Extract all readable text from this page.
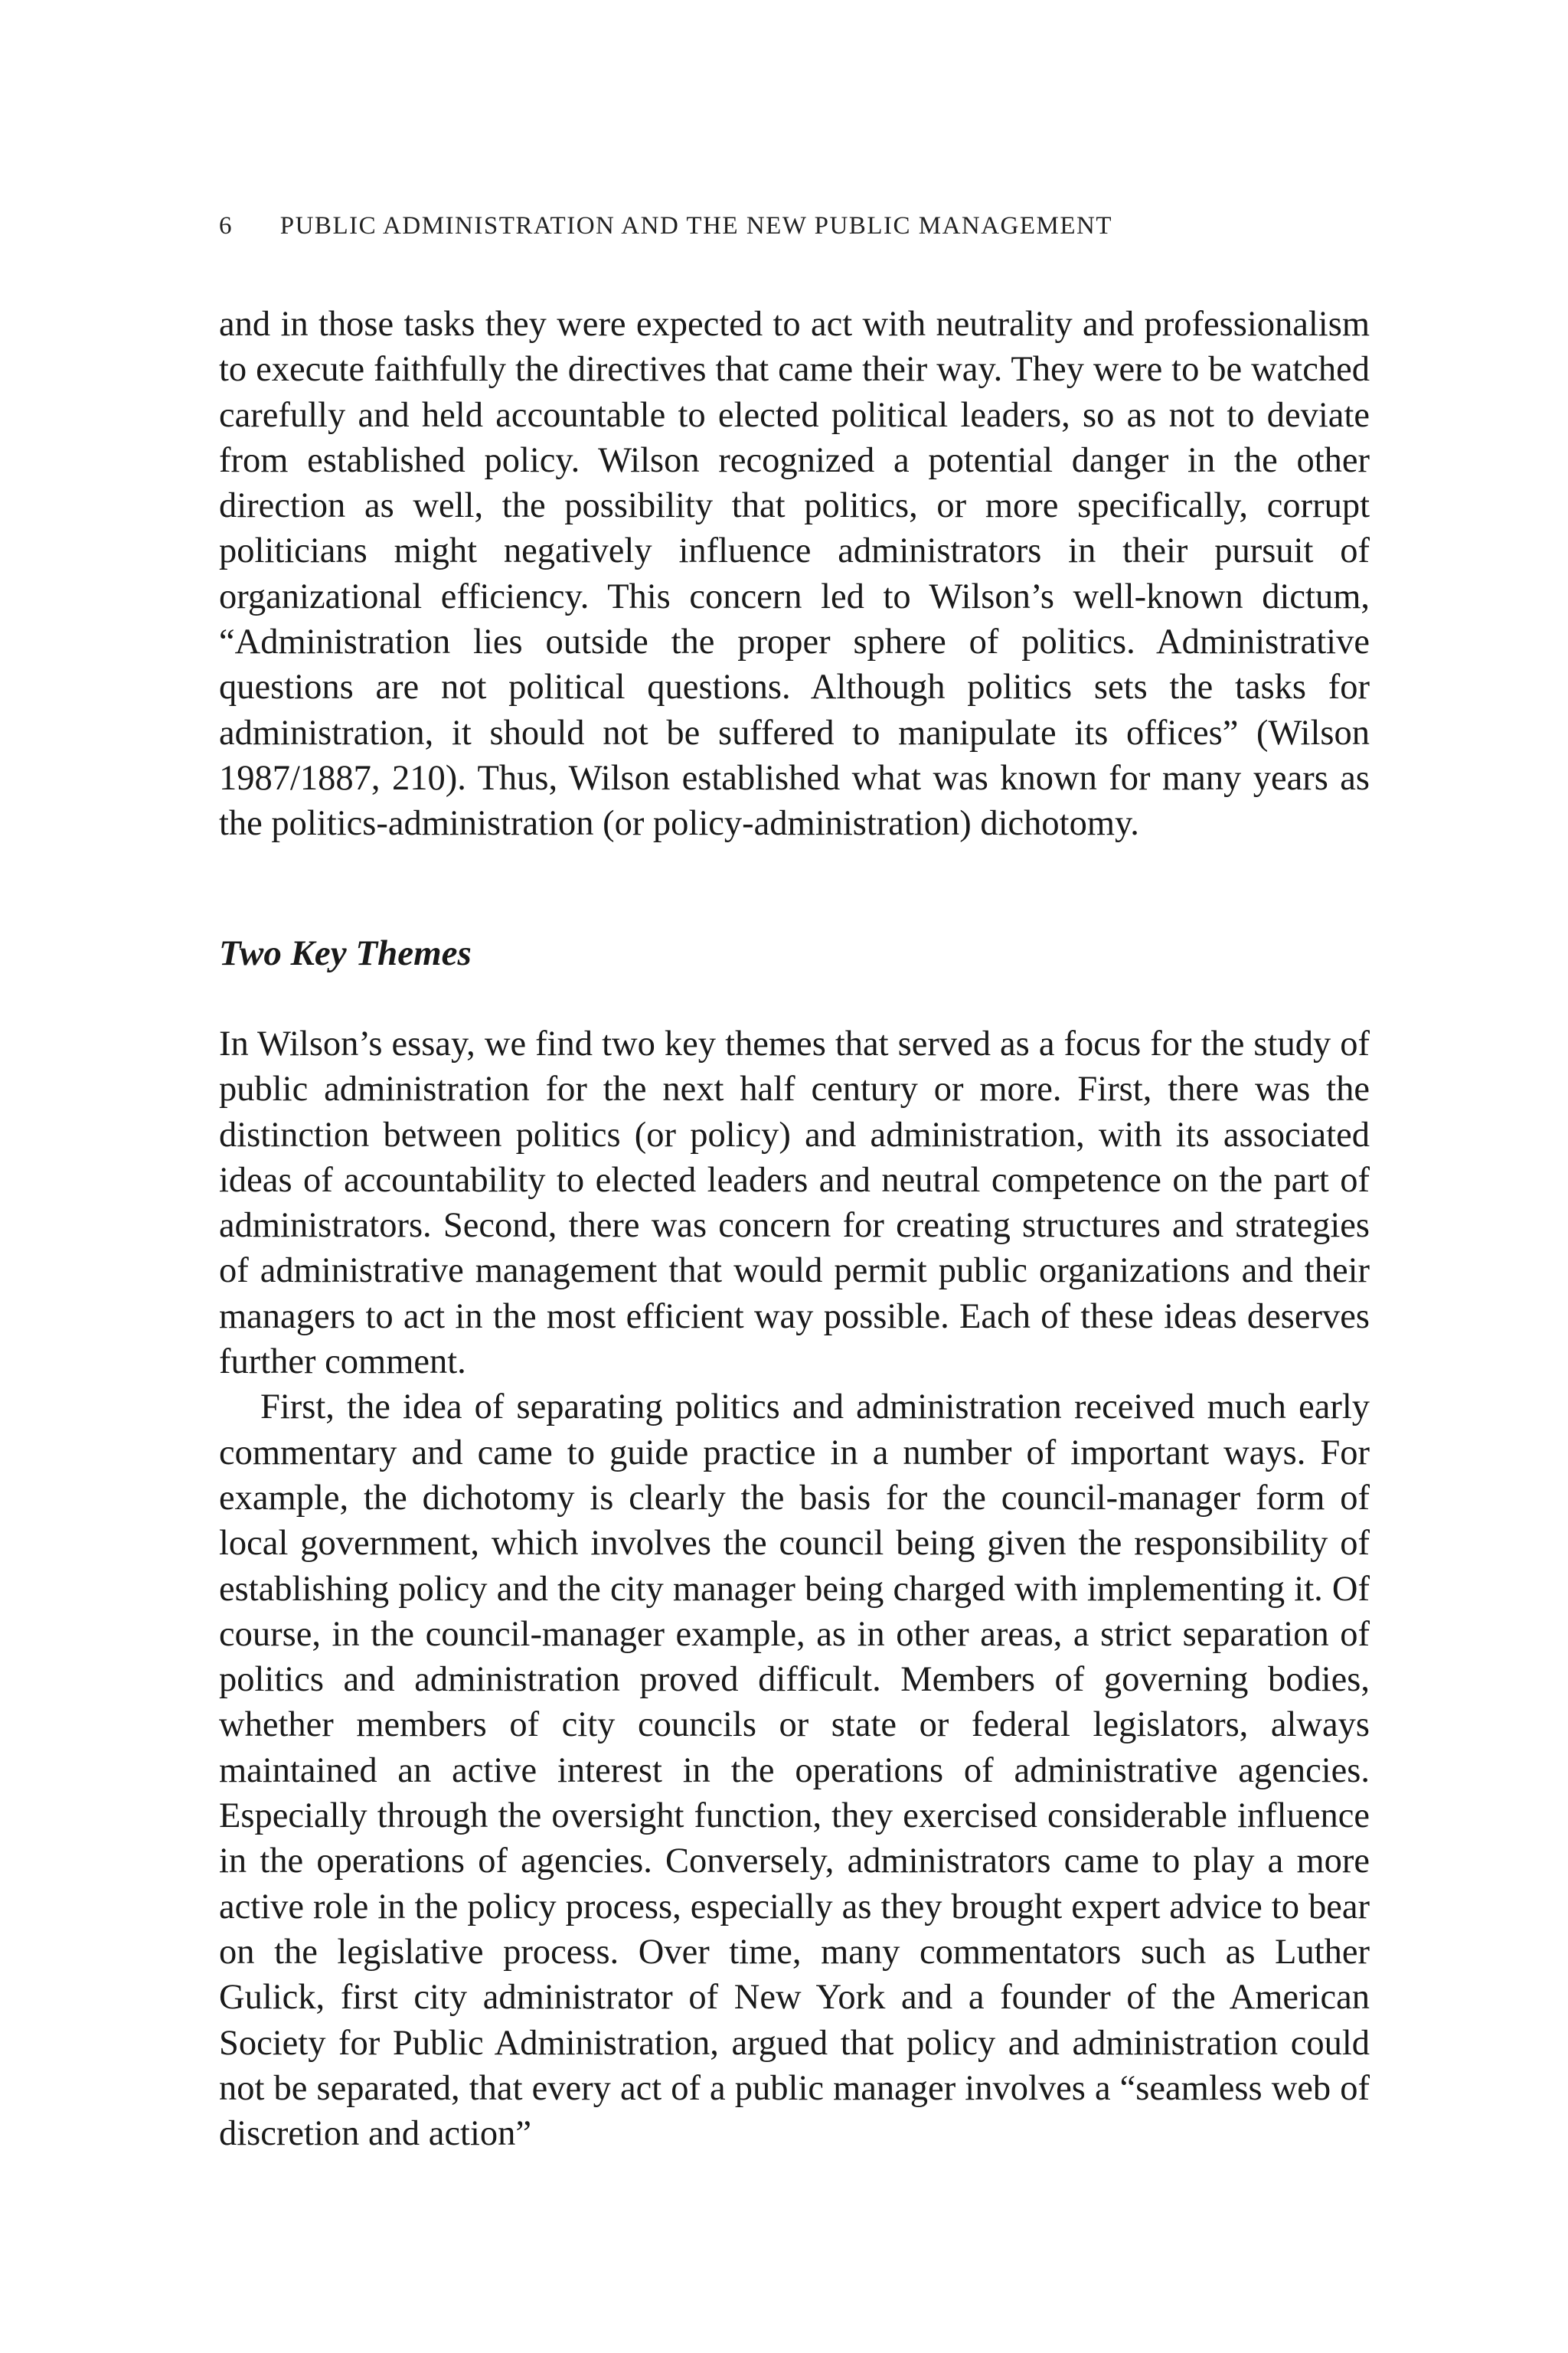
6 PUBLIC ADMINISTRATION AND THE NEW PUBLIC MANAGEMENT

and in those tasks they were expected to act with neutrality and professionalism to execute faithfully the directives that came their way. They were to be watched carefully and held accountable to elected political leaders, so as not to deviate from established policy. Wilson recognized a potential danger in the other direction as well, the possibility that politics, or more specifically, corrupt politicians might negatively influence administrators in their pursuit of organizational efficiency. This concern led to Wilson’s well-known dictum, “Administration lies outside the proper sphere of politics. Administrative questions are not political questions. Although politics sets the tasks for administration, it should not be suffered to manipulate its offices” (Wilson 1987/1887, 210). Thus, Wilson established what was known for many years as the politics-administration (or policy-administration) dichotomy.

Two Key Themes

In Wilson’s essay, we find two key themes that served as a focus for the study of public administration for the next half century or more. First, there was the distinction between politics (or policy) and administration, with its associated ideas of accountability to elected leaders and neutral competence on the part of administrators. Second, there was concern for creating structures and strategies of administrative management that would permit public organizations and their managers to act in the most efficient way possible. Each of these ideas deserves further comment.

First, the idea of separating politics and administration received much early commentary and came to guide practice in a number of important ways. For example, the dichotomy is clearly the basis for the council-manager form of local government, which involves the council being given the responsibility of establishing policy and the city manager being charged with implementing it. Of course, in the council-manager example, as in other areas, a strict separation of politics and administration proved difficult. Members of governing bodies, whether members of city councils or state or federal legislators, always maintained an active interest in the operations of administrative agencies. Especially through the oversight function, they exercised considerable influence in the operations of agencies. Conversely, administrators came to play a more active role in the policy process, especially as they brought expert advice to bear on the legislative process. Over time, many commentators such as Luther Gulick, first city administrator of New York and a founder of the American Society for Public Administration, argued that policy and administration could not be separated, that every act of a public manager involves a “seamless web of discretion and action”
